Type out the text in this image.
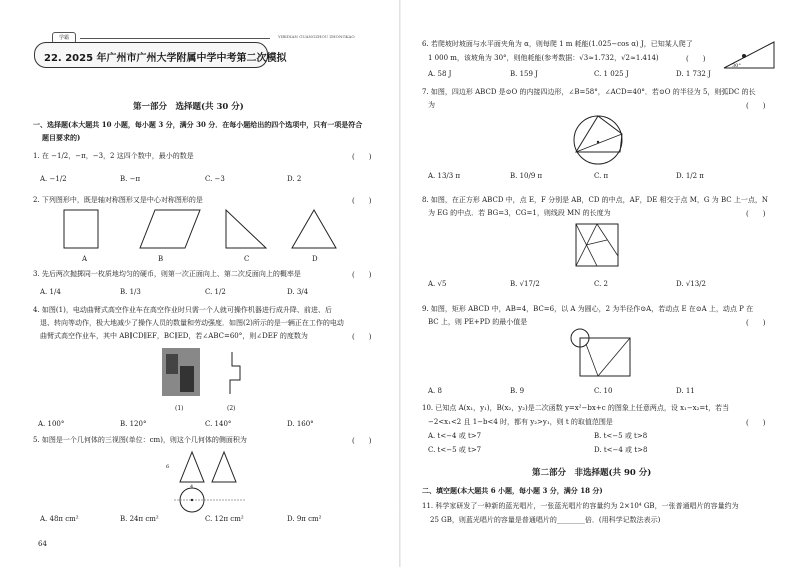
学霸	YIBIDIAN GUANGZHOU ZHONGKAO
22. 2025 年广州市广州大学附属中学中考第二次模拟
第一部分　选择题(共 30 分)
一、选择题(本大题共 10 小题，每小题 3 分，满分 30 分．在每小题给出的四个选项中，只有一项是符合
题目要求的)
1. 在 −1/2，−π，−3，2 这四个数中，最小的数是	(　　)
A. −1/2	B. −π	C. −3	D. 2
2. 下列图形中，既是轴对称图形又是中心对称图形的是	(　　)
A	B	C	D
3. 先后两次抛掷同一枚质地均匀的硬币，则第一次正面向上、第二次反面向上的概率是	(　　)
A. 1/4	B. 1/3	C. 1/2	D. 3/4
4. 如图(1)，电动曲臂式高空作业车在高空作业时只需一个人就可操作机器进行成升降、前进、后
退、转向等动作，极大地减少了操作人员的数量和劳动强度．如图(2)所示的是一辆正在工作的电动
曲臂式高空作业车，其中 AB∥CD∥EF，BC∥ED，若∠ABC=60°，则∠DEF 的度数为	(　　)
(1)	(2)
A. 100°	B. 120°	C. 140°	D. 160°
5. 如图是一个几何体的三视图(单位：cm)，则这个几何体的侧面积为	(　　)
6
4
A. 48π cm²	B. 24π cm²	C. 12π cm²	D. 9π cm²
64
6. 若爬坡时坡面与水平面夹角为 α，则每爬 1 m 耗能(1.025−cos α) J，已知某人爬了
1 000 m，该坡角为 30°，则他耗能(参考数据：√3≈1.732，√2≈1.414)	(　　)
30°
A. 58 J	B. 159 J	C. 1 025 J	D. 1 732 J
7. 如图，四边形 ABCD 是⊙O 的内接四边形，∠B=58°，∠ACD=40°．若⊙O 的半径为 5，则弧DC 的长
为	(　　)
A. 13/3 π	B. 10/9 π	C. π	D. 1/2 π
8. 如图，在正方形 ABCD 中，点 E，F 分别是 AB，CD 的中点，AF，DE 相交于点 M，G 为 BC 上一点，N
为 EG 的中点．若 BG=3，CG=1，则线段 MN 的长度为	(　　)
A. √5	B. √17/2	C. 2	D. √13/2
9. 如图，矩形 ABCD 中，AB=4，BC=6，以 A 为圆心，2 为半径作⊙A，若动点 E 在⊙A 上，动点 P 在
BC 上，则 PE+PD 的最小值是	(　　)
A. 8	B. 9	C. 10	D. 11
10. 已知点 A(x₁，y₁)，B(x₂，y₂)是二次函数 y=x²−bx+c 的图象上任意两点，设 x₁−x₂=t，若当
−2<x₁<2 且 1−b<4 时，都有 y₂>y₁，则 t 的取值范围是	(　　)
A. t<−4 或 t>7	B. t<−5 或 t>8
C. t<−5 或 t>7	D. t<−4 或 t>8
第二部分　非选择题(共 90 分)
二、填空题(本大题共 6 小题，每小题 3 分，满分 18 分)
11. 科学家研发了一种新的蓝光唱片，一张蓝光唱片的容量约为 2×10⁴ GB，一张普通唱片的容量约为
25 GB，则蓝光唱片的容量是普通唱片的________倍．(用科学记数法表示)
